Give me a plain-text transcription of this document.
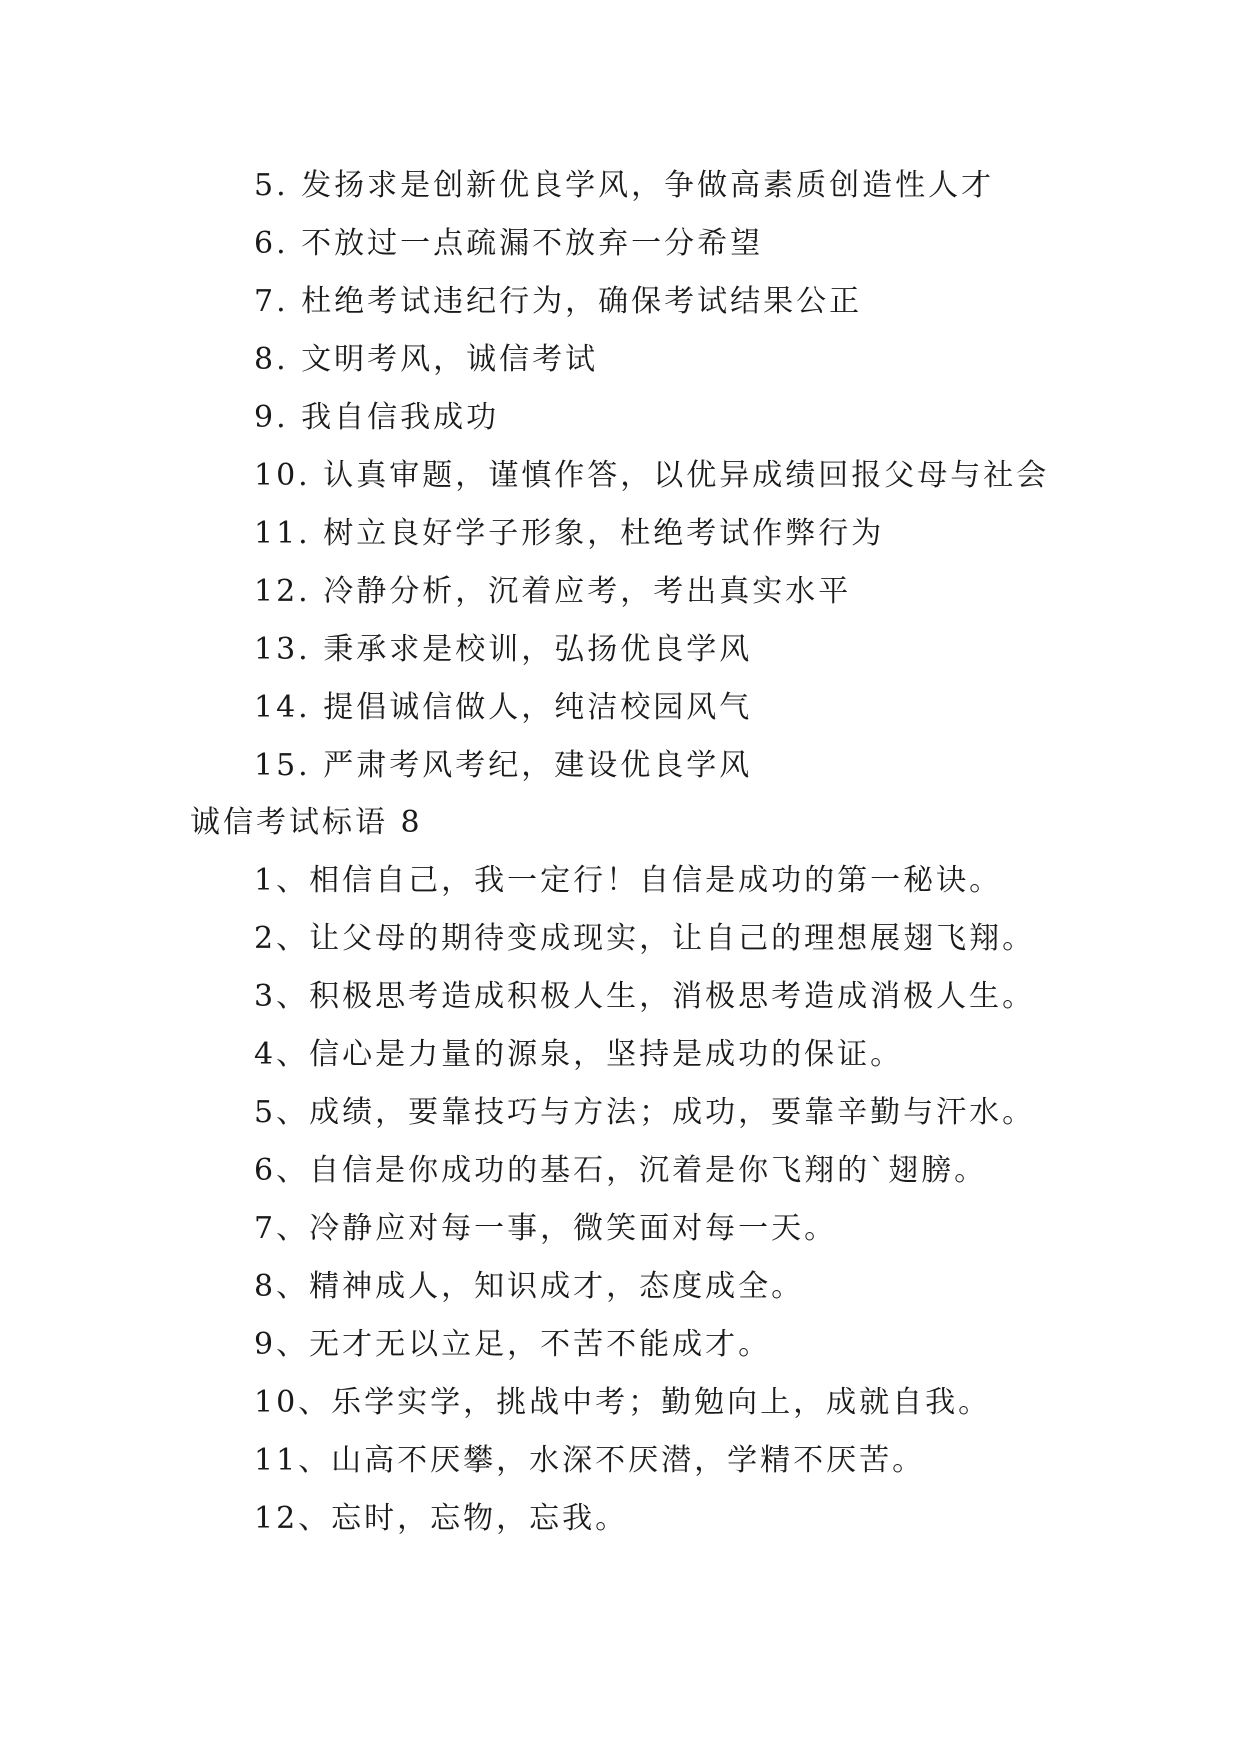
5. 发扬求是创新优良学风，争做高素质创造性人才
6. 不放过一点疏漏不放弃一分希望
7. 杜绝考试违纪行为，确保考试结果公正
8. 文明考风，诚信考试
9. 我自信我成功
10. 认真审题，谨慎作答，以优异成绩回报父母与社会
11. 树立良好学子形象，杜绝考试作弊行为
12. 冷静分析，沉着应考，考出真实水平
13. 秉承求是校训，弘扬优良学风
14. 提倡诚信做人，纯洁校园风气
15. 严肃考风考纪，建设优良学风
诚信考试标语 8
1、相信自己，我一定行！自信是成功的第一秘诀。
2、让父母的期待变成现实，让自己的理想展翅飞翔。
3、积极思考造成积极人生，消极思考造成消极人生。
4、信心是力量的源泉，坚持是成功的保证。
5、成绩，要靠技巧与方法；成功，要靠辛勤与汗水。
6、自信是你成功的基石，沉着是你飞翔的`翅膀。
7、冷静应对每一事，微笑面对每一天。
8、精神成人，知识成才，态度成全。
9、无才无以立足，不苦不能成才。
10、乐学实学，挑战中考；勤勉向上，成就自我。
11、山高不厌攀，水深不厌潜，学精不厌苦。
12、忘时，忘物，忘我。
